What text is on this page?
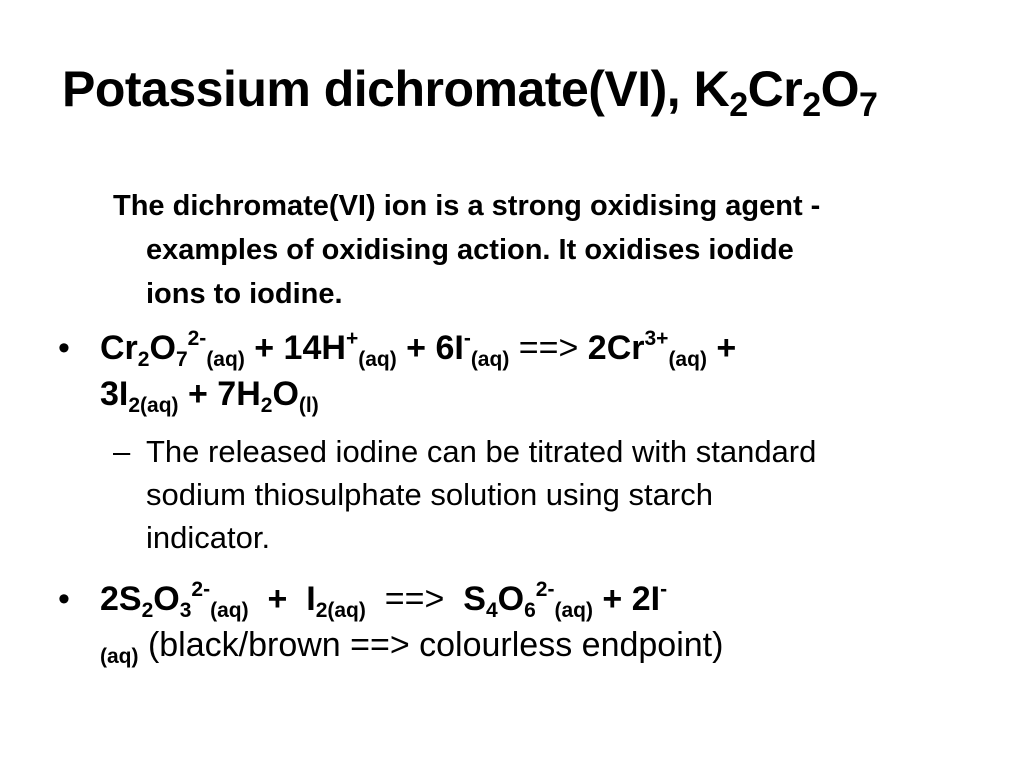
Potassium dichromate(VI), $K_2Cr_2O_7$
The dichromate(VI) ion is a strong oxidising agent -
examples of oxidising action. It oxidises iodide
ions to iodine.
• $Cr_2O_7^{2-}_{(aq)} + 14H^+_{(aq)} + 6I^-_{(aq)}$ ==> $2Cr^{3+}_{(aq)}$ +
$3I_{2(aq)} + 7H_2O_{(l)}$
– The released iodine can be titrated with standard
sodium thiosulphate solution using starch
indicator.
• $2S_2O_3^{2-}_{(aq)} + I_{2(aq)}$  ==>  $S_4O_6^{2-}_{(aq)} + 2I^-$
$_{(aq)}$ (black/brown ==> colourless endpoint)
